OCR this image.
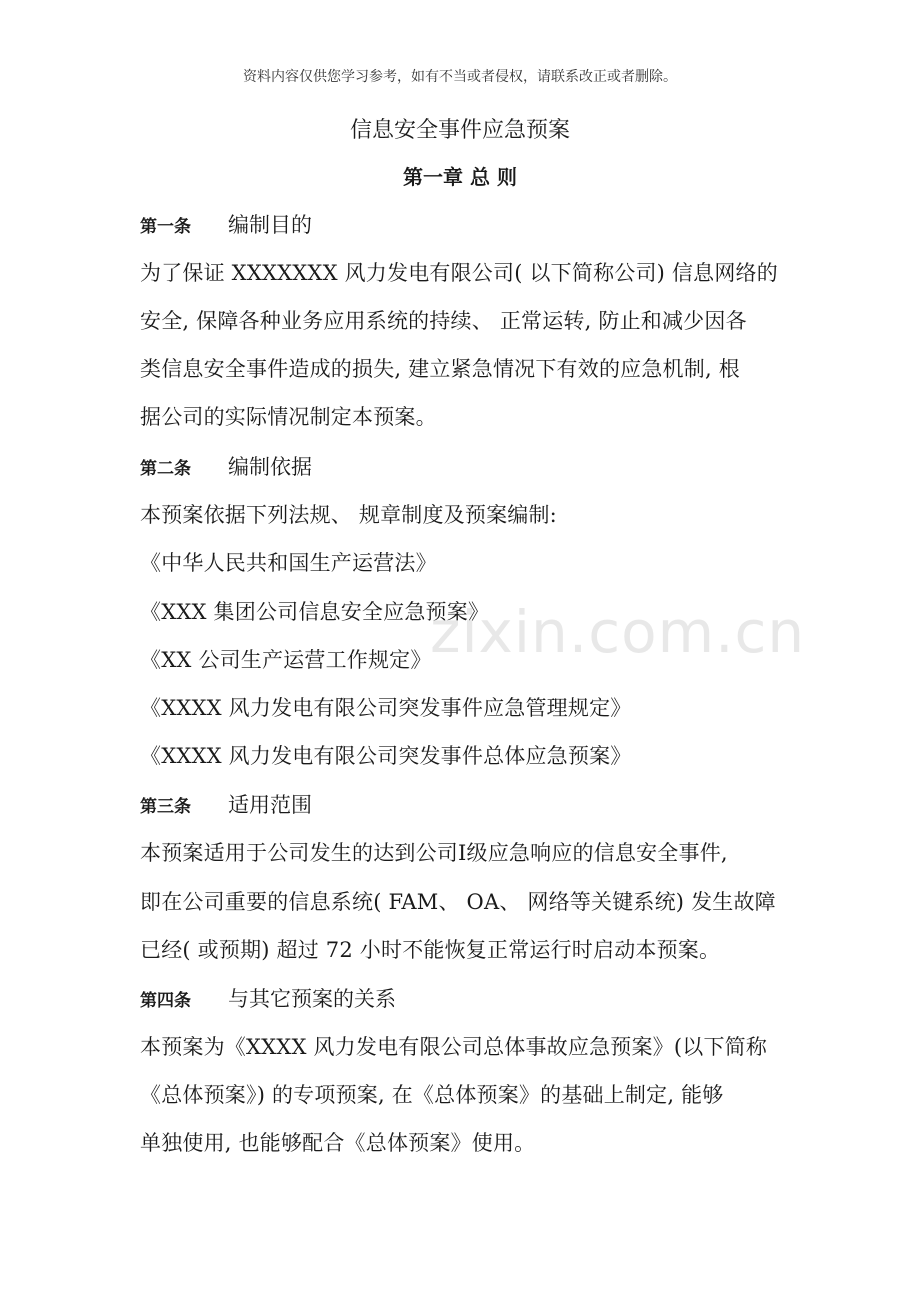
资料内容仅供您学习参考，如有不当或者侵权，请联系改正或者删除。
信息安全事件应急预案
第一章 总 则
第一条 编制目的
为了保证 XXXXXXX 风力发电有限公司( 以下简称公司) 信息网络的
安全, 保障各种业务应用系统的持续、 正常运转, 防止和减少因各
类信息安全事件造成的损失, 建立紧急情况下有效的应急机制, 根
据公司的实际情况制定本预案。
第二条 编制依据
本预案依据下列法规、 规章制度及预案编制:
《中华人民共和国生产运营法》
《XXX 集团公司信息安全应急预案》
《XX 公司生产运营工作规定》
《XXXX 风力发电有限公司突发事件应急管理规定》
《XXXX 风力发电有限公司突发事件总体应急预案》
第三条 适用范围
本预案适用于公司发生的达到公司Ⅰ级应急响应的信息安全事件,
即在公司重要的信息系统( FAM、 OA、 网络等关键系统) 发生故障
已经( 或预期) 超过 72 小时不能恢复正常运行时启动本预案。
第四条 与其它预案的关系
本预案为《XXXX 风力发电有限公司总体事故应急预案》(以下简称
《总体预案》) 的专项预案, 在《总体预案》的基础上制定, 能够
单独使用, 也能够配合《总体预案》使用。
zixin.com.cn
